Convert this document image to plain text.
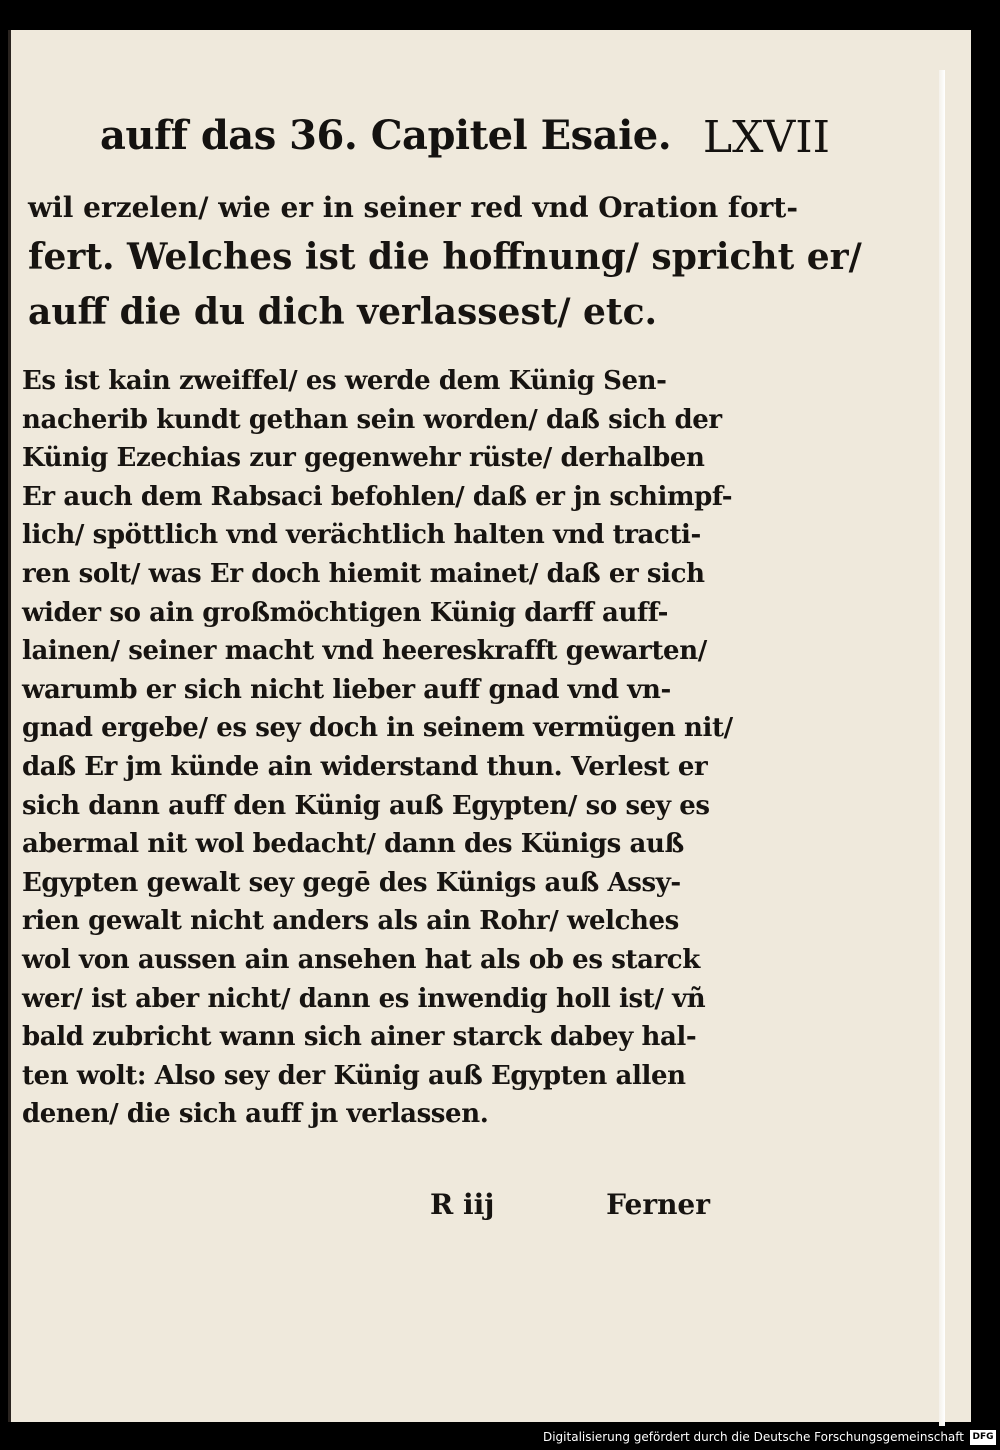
auff das 36. Capitel Esaie. LXVII
wil erzelen/ wie er in seiner red vnd Oration fort-
fert. Welches ist die hoffnung/ spricht er/
auff die du dich verlassest/ etc.
Es ist kain zweiffel/ es werde dem Künig Sen-
nacherib kundt gethan sein worden/ daß sich der
Künig Ezechias zur gegenwehr rüste/ derhalben
Er auch dem Rabsaci befohlen/ daß er jn schimpf-
lich/ spöttlich vnd verächtlich halten vnd tracti-
ren solt/ was Er doch hiemit mainet/ daß er sich
wider so ain großmöchtigen Künig darff auff-
lainen/ seiner macht vnd heereskrafft gewarten/
warumb er sich nicht lieber auff gnad vnd vn-
gnad ergebe/ es sey doch in seinem vermügen nit/
daß Er jm künde ain widerstand thun. Verlest er
sich dann auff den Künig auß Egypten/ so sey es
abermal nit wol bedacht/ dann des Künigs auß
Egypten gewalt sey gegē des Künigs auß Assy-
rien gewalt nicht anders als ain Rohr/ welches
wol von aussen ain ansehen hat als ob es starck
wer/ ist aber nicht/ dann es inwendig holl ist/ vñ
bald zubricht wann sich ainer starck dabey hal-
ten wolt: Also sey der Künig auß Egypten allen
denen/ die sich auff jn verlassen.
R iij	Ferner
Digitalisierung gefördert durch die Deutsche Forschungsgemeinschaft DFG
